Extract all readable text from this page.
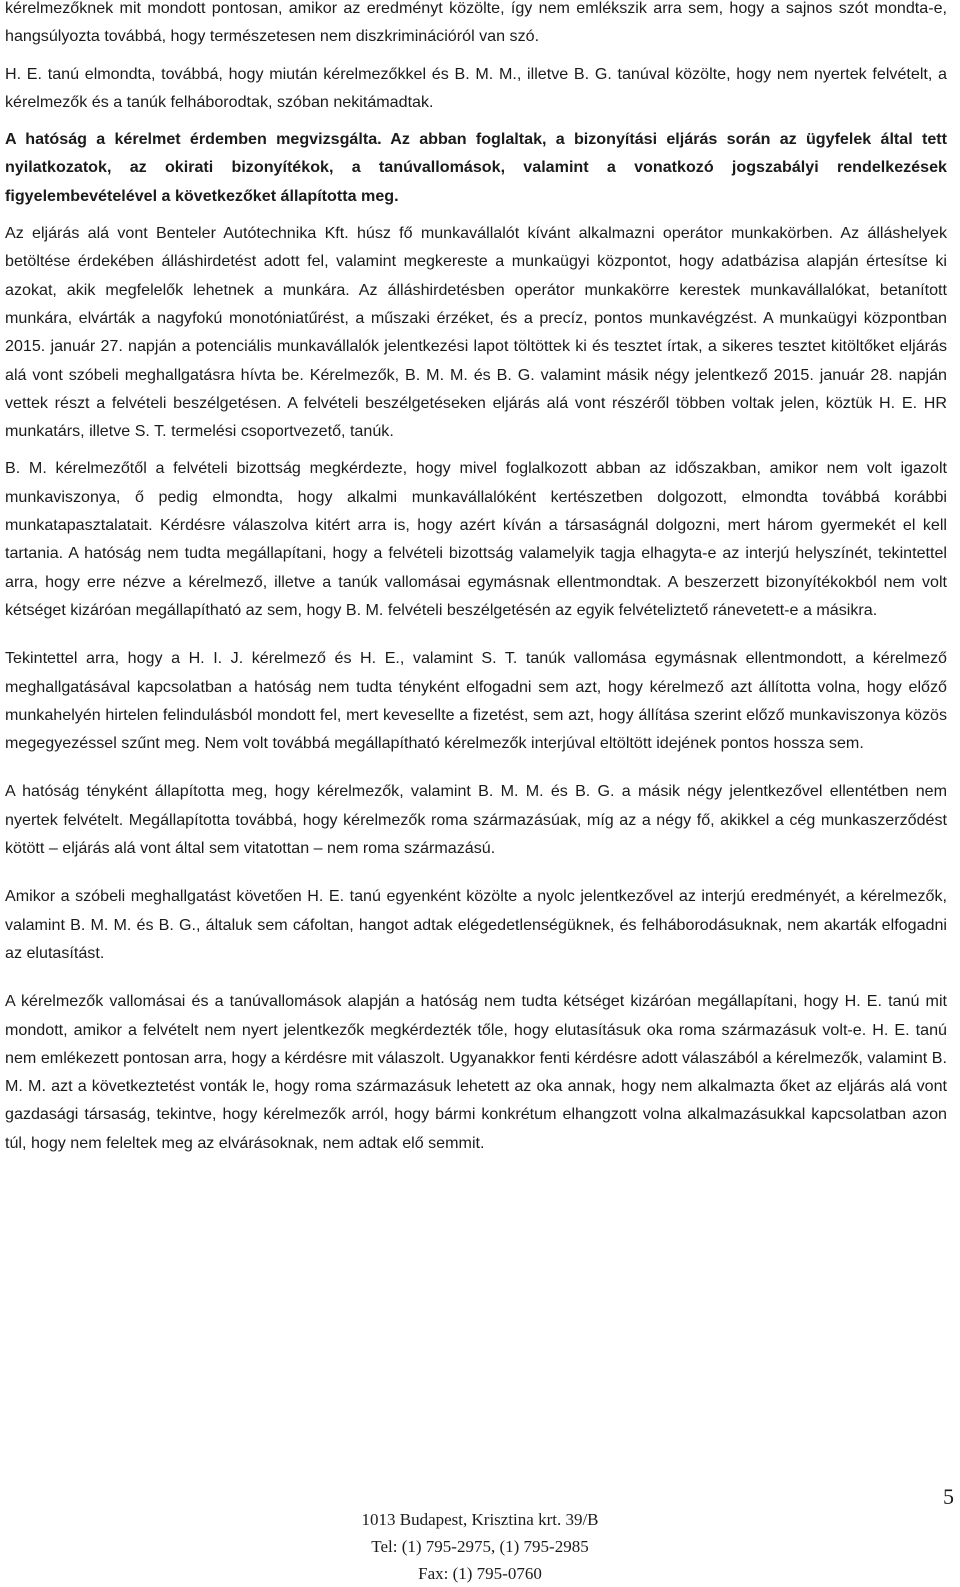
kérelmezőknek mit mondott pontosan, amikor az eredményt közölte, így nem emlékszik arra sem, hogy a sajnos szót mondta-e, hangsúlyozta továbbá, hogy természetesen nem diszkriminációról van szó.

H. E. tanú elmondta, továbbá, hogy miután kérelmezőkkel és B. M. M., illetve B. G. tanúval közölte, hogy nem nyertek felvételt, a kérelmezők és a tanúk felháborodtak, szóban nekitámadtak.

A hatóság a kérelmet érdemben megvizsgálta. Az abban foglaltak, a bizonyítási eljárás során az ügyfelek által tett nyilatkozatok, az okirati bizonyítékok, a tanúvallomások, valamint a vonatkozó jogszabályi rendelkezések figyelembevételével a következőket állapította meg.

Az eljárás alá vont Benteler Autótechnika Kft. húsz fő munkavállalót kívánt alkalmazni operátor munkakörben. Az álláshelyek betöltése érdekében álláshirdetést adott fel, valamint megkereste a munkaügyi központot, hogy adatbázisa alapján értesítse ki azokat, akik megfelelők lehetnek a munkára. Az álláshirdetésben operátor munkakörre kerestek munkavállalókat, betanított munkára, elvárták a nagyfokú monotóniatűrést, a műszaki érzéket, és a precíz, pontos munkavégzést. A munkaügyi központban 2015. január 27. napján a potenciális munkavállalók jelentkezési lapot töltöttek ki és tesztet írtak, a sikeres tesztet kitöltőket eljárás alá vont szóbeli meghallgatásra hívta be. Kérelmezők, B. M. M. és B. G. valamint másik négy jelentkező 2015. január 28. napján vettek részt a felvételi beszélgetésen. A felvételi beszélgetéseken eljárás alá vont részéről többen voltak jelen, köztük H. E. HR munkatárs, illetve S. T. termelési csoportvezető, tanúk.

B. M. kérelmezőtől a felvételi bizottság megkérdezte, hogy mivel foglalkozott abban az időszakban, amikor nem volt igazolt munkaviszonya, ő pedig elmondta, hogy alkalmi munkavállalóként kertészetben dolgozott, elmondta továbbá korábbi munkatapasztalatait. Kérdésre válaszolva kitért arra is, hogy azért kíván a társaságnál dolgozni, mert három gyermekét el kell tartania. A hatóság nem tudta megállapítani, hogy a felvételi bizottság valamelyik tagja elhagyta-e az interjú helyszínét, tekintettel arra, hogy erre nézve a kérelmező, illetve a tanúk vallomásai egymásnak ellentmondtak. A beszerzett bizonyítékokból nem volt kétséget kizáróan megállapítható az sem, hogy B. M. felvételi beszélgetésén az egyik felvételiztető ránevetett-e a másikra.

Tekintettel arra, hogy a H. I. J. kérelmező és H. E., valamint S. T. tanúk vallomása egymásnak ellentmondott, a kérelmező meghallgatásával kapcsolatban a hatóság nem tudta tényként elfogadni sem azt, hogy kérelmező azt állította volna, hogy előző munkahelyén hirtelen felindulásból mondott fel, mert kevesellte a fizetést, sem azt, hogy állítása szerint előző munkaviszonya közös megegyezéssel szűnt meg. Nem volt továbbá megállapítható kérelmezők interjúval eltöltött idejének pontos hossza sem.

A hatóság tényként állapította meg, hogy kérelmezők, valamint B. M. M. és B. G. a másik négy jelentkezővel ellentétben nem nyertek felvételt. Megállapította továbbá, hogy kérelmezők roma származásúak, míg az a négy fő, akikkel a cég munkaszerződést kötött – eljárás alá vont által sem vitatottan – nem roma származású.

Amikor a szóbeli meghallgatást követően H. E. tanú egyenként közölte a nyolc jelentkezővel az interjú eredményét, a kérelmezők, valamint B. M. M. és B. G., általuk sem cáfoltan, hangot adtak elégedetlenségüknek, és felháborodásuknak, nem akarták elfogadni az elutasítást.

A kérelmezők vallomásai és a tanúvallomások alapján a hatóság nem tudta kétséget kizáróan megállapítani, hogy H. E. tanú mit mondott, amikor a felvételt nem nyert jelentkezők megkérdezték tőle, hogy elutasításuk oka roma származásuk volt-e. H. E. tanú nem emlékezett pontosan arra, hogy a kérdésre mit válaszolt. Ugyanakkor fenti kérdésre adott válaszából a kérelmezők, valamint B. M. M. azt a következtetést vonták le, hogy roma származásuk lehetett az oka annak, hogy nem alkalmazta őket az eljárás alá vont gazdasági társaság, tekintve, hogy kérelmezők arról, hogy bármi konkrétum elhangzott volna alkalmazásukkal kapcsolatban azon túl, hogy nem feleltek meg az elvárásoknak, nem adtak elő semmit.

5
1013 Budapest, Krisztina krt. 39/B
Tel: (1) 795-2975, (1) 795-2985
Fax: (1) 795-0760
